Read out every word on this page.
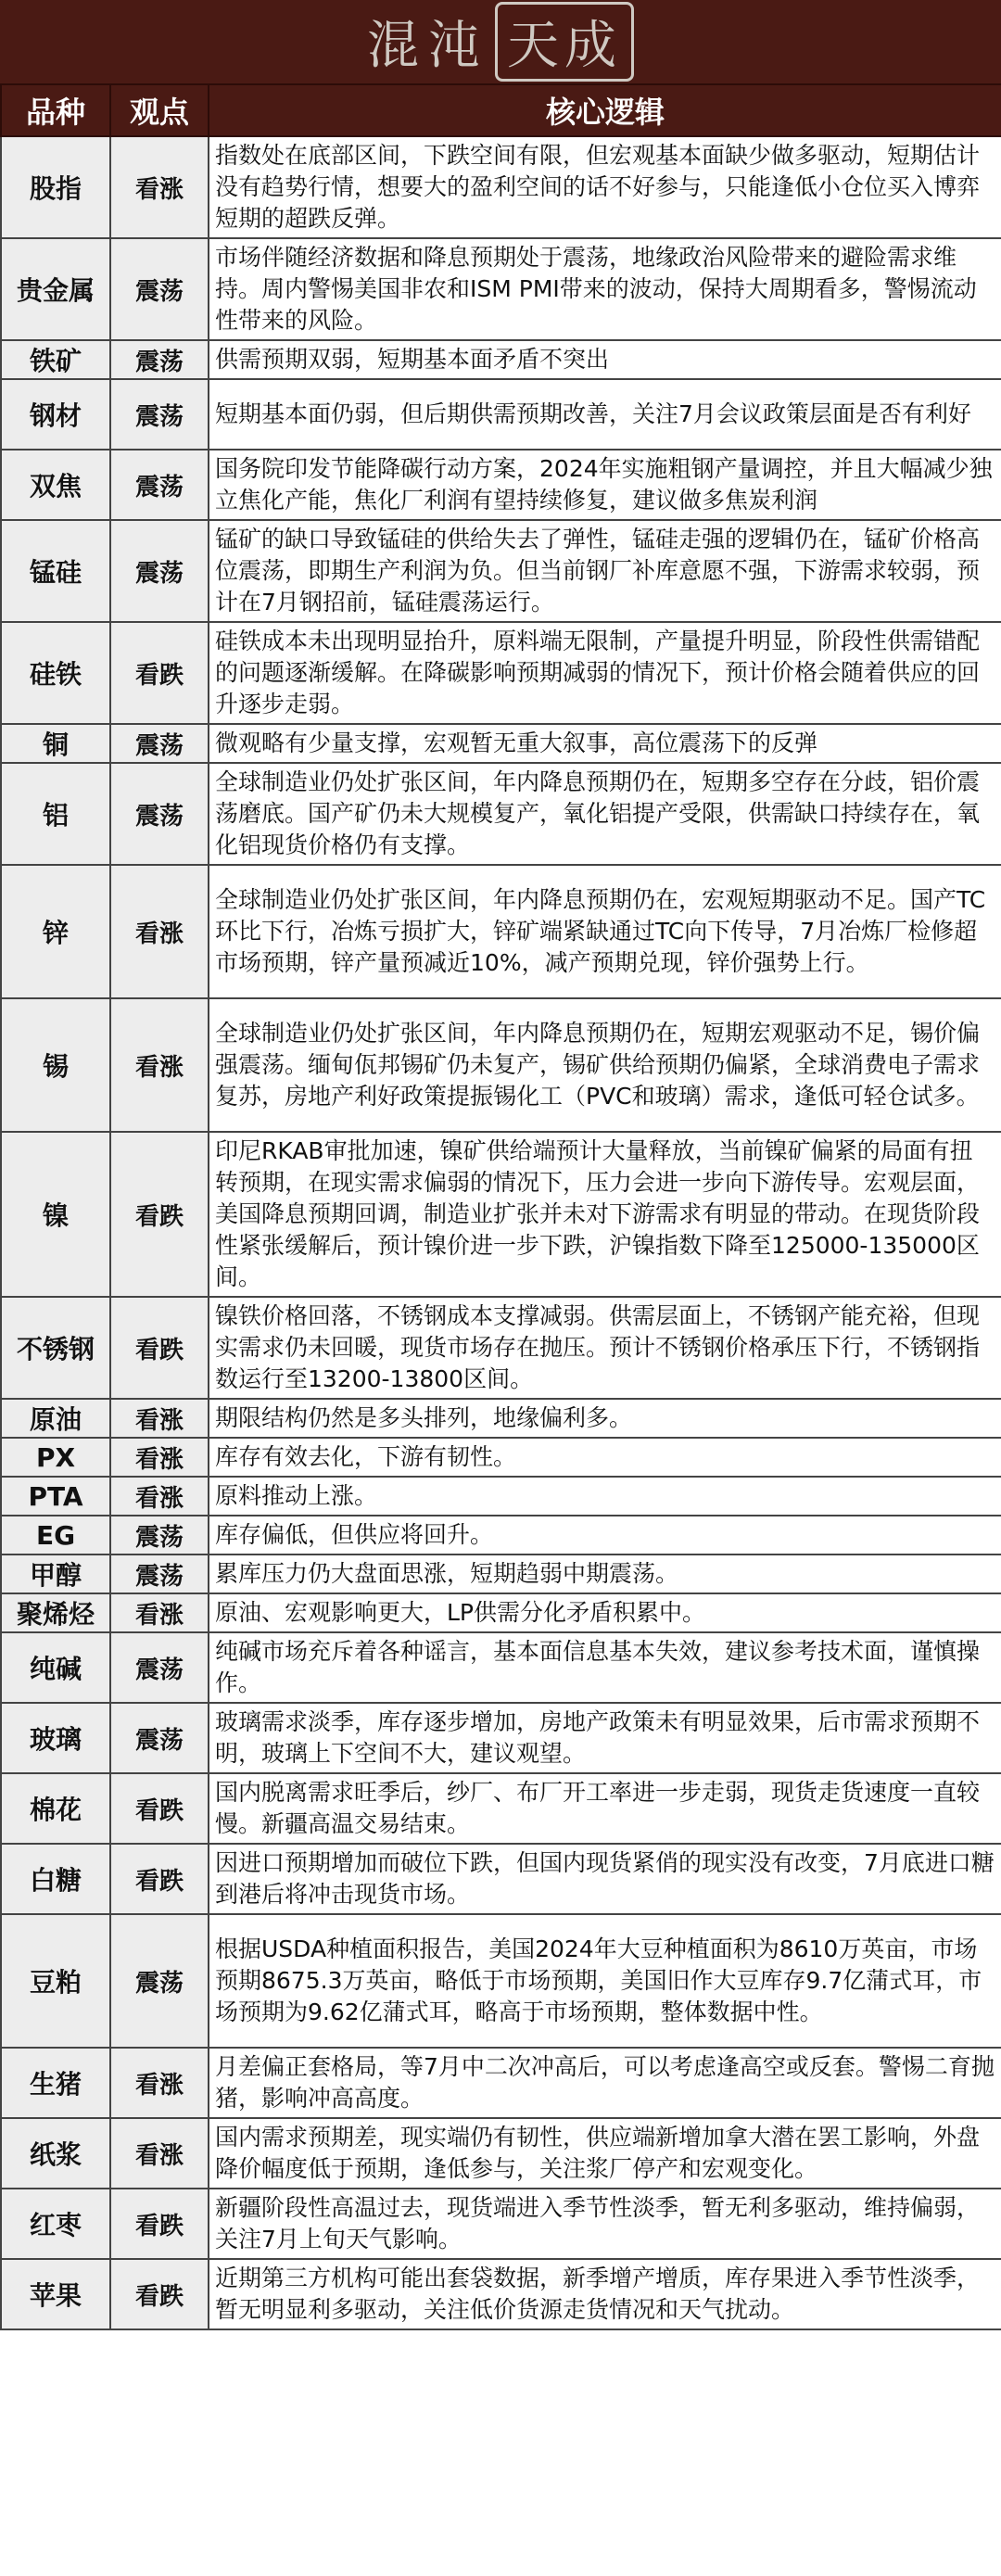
混沌 天成
品种	观点	核心逻辑
股指	看涨	指数处在底部区间，下跌空间有限，但宏观基本面缺少做多驱动，短期估计没有趋势行情，想要大的盈利空间的话不好参与，只能逢低小仓位买入博弈短期的超跌反弹。
贵金属	震荡	市场伴随经济数据和降息预期处于震荡，地缘政治风险带来的避险需求维持。周内警惕美国非农和ISM PMI带来的波动，保持大周期看多，警惕流动性带来的风险。
铁矿	震荡	供需预期双弱，短期基本面矛盾不突出
钢材	震荡	短期基本面仍弱，但后期供需预期改善，关注7月会议政策层面是否有利好
双焦	震荡	国务院印发节能降碳行动方案，2024年实施粗钢产量调控，并且大幅减少独立焦化产能，焦化厂利润有望持续修复，建议做多焦炭利润
锰硅	震荡	锰矿的缺口导致锰硅的供给失去了弹性，锰硅走强的逻辑仍在，锰矿价格高位震荡，即期生产利润为负。但当前钢厂补库意愿不强，下游需求较弱，预计在7月钢招前，锰硅震荡运行。
硅铁	看跌	硅铁成本未出现明显抬升，原料端无限制，产量提升明显，阶段性供需错配的问题逐渐缓解。在降碳影响预期减弱的情况下，预计价格会随着供应的回升逐步走弱。
铜	震荡	微观略有少量支撑，宏观暂无重大叙事，高位震荡下的反弹
铝	震荡	全球制造业仍处扩张区间，年内降息预期仍在，短期多空存在分歧，铝价震荡磨底。国产矿仍未大规模复产，氧化铝提产受限，供需缺口持续存在，氧化铝现货价格仍有支撑。
锌	看涨	全球制造业仍处扩张区间，年内降息预期仍在，宏观短期驱动不足。国产TC环比下行，冶炼亏损扩大，锌矿端紧缺通过TC向下传导，7月冶炼厂检修超市场预期，锌产量预减近10%，减产预期兑现，锌价强势上行。
锡	看涨	全球制造业仍处扩张区间，年内降息预期仍在，短期宏观驱动不足，锡价偏强震荡。缅甸佤邦锡矿仍未复产，锡矿供给预期仍偏紧，全球消费电子需求复苏，房地产利好政策提振锡化工（PVC和玻璃）需求，逢低可轻仓试多。
镍	看跌	印尼RKAB审批加速，镍矿供给端预计大量释放，当前镍矿偏紧的局面有扭转预期，在现实需求偏弱的情况下，压力会进一步向下游传导。宏观层面，美国降息预期回调，制造业扩张并未对下游需求有明显的带动。在现货阶段性紧张缓解后，预计镍价进一步下跌，沪镍指数下降至125000-135000区间。
不锈钢	看跌	镍铁价格回落，不锈钢成本支撑减弱。供需层面上，不锈钢产能充裕，但现实需求仍未回暖，现货市场存在抛压。预计不锈钢价格承压下行，不锈钢指数运行至13200-13800区间。
原油	看涨	期限结构仍然是多头排列，地缘偏利多。
PX	看涨	库存有效去化，下游有韧性。
PTA	看涨	原料推动上涨。
EG	震荡	库存偏低，但供应将回升。
甲醇	震荡	累库压力仍大盘面思涨，短期趋弱中期震荡。
聚烯烃	看涨	原油、宏观影响更大，LP供需分化矛盾积累中。
纯碱	震荡	纯碱市场充斥着各种谣言，基本面信息基本失效，建议参考技术面，谨慎操作。
玻璃	震荡	玻璃需求淡季，库存逐步增加，房地产政策未有明显效果，后市需求预期不明，玻璃上下空间不大，建议观望。
棉花	看跌	国内脱离需求旺季后，纱厂、布厂开工率进一步走弱，现货走货速度一直较慢。新疆高温交易结束。
白糖	看跌	因进口预期增加而破位下跌，但国内现货紧俏的现实没有改变，7月底进口糖到港后将冲击现货市场。
豆粕	震荡	根据USDA种植面积报告，美国2024年大豆种植面积为8610万英亩，市场预期8675.3万英亩，略低于市场预期，美国旧作大豆库存9.7亿蒲式耳，市场预期为9.62亿蒲式耳，略高于市场预期，整体数据中性。
生猪	看涨	月差偏正套格局，等7月中二次冲高后，可以考虑逢高空或反套。警惕二育抛猪，影响冲高高度。
纸浆	看涨	国内需求预期差，现实端仍有韧性，供应端新增加拿大潜在罢工影响，外盘降价幅度低于预期，逢低参与，关注浆厂停产和宏观变化。
红枣	看跌	新疆阶段性高温过去，现货端进入季节性淡季，暂无利多驱动，维持偏弱，关注7月上旬天气影响。
苹果	看跌	近期第三方机构可能出套袋数据，新季增产增质，库存果进入季节性淡季，暂无明显利多驱动，关注低价货源走货情况和天气扰动。
